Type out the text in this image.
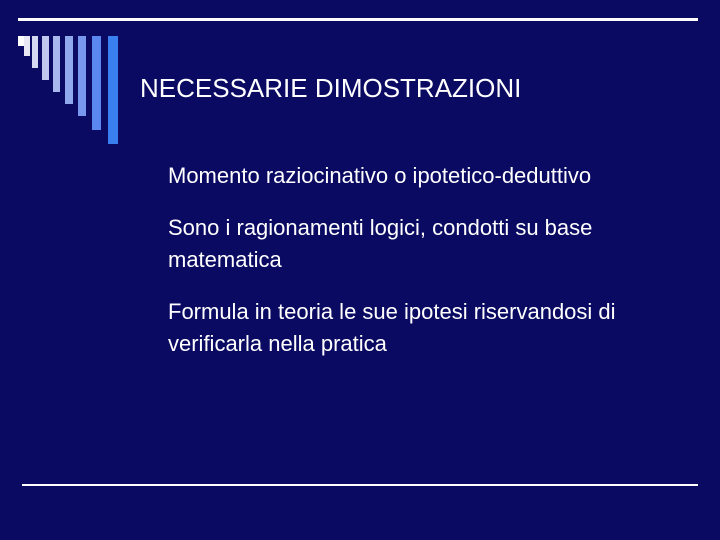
NECESSARIE DIMOSTRAZIONI

Momento raziocinativo o ipotetico-deduttivo

Sono i ragionamenti logici, condotti su base matematica

Formula in teoria le sue ipotesi riservandosi di verificarla nella pratica
